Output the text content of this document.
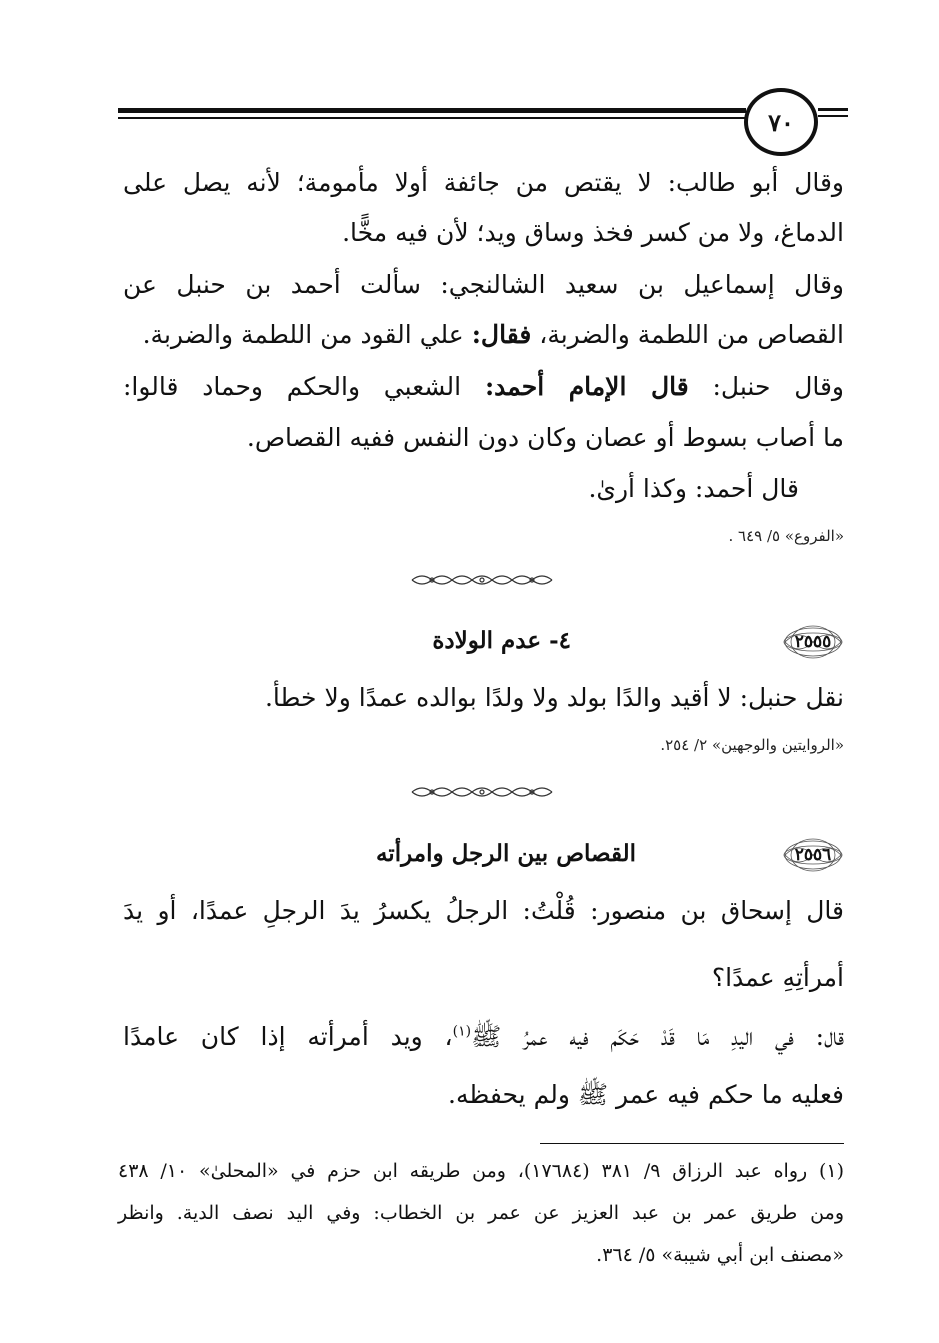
٧٠
وقال أبو طالب: لا يقتص من جائفة أولا مأمومة؛ لأنه يصل على
الدماغ، ولا من كسر فخذ وساق ويد؛ لأن فيه مخًّا.
وقال إسماعيل بن سعيد الشالنجي: سألت أحمد بن حنبل عن
القصاص من اللطمة والضربة، فقال: علي القود من اللطمة والضربة.
وقال حنبل: قال الإمام أحمد: الشعبي والحكم وحماد قالوا:
ما أصاب بسوط أو عصان وكان دون النفس ففيه القصاص.
قال أحمد: وكذا أرىٰ.
«الفروع» ٥/ ٦٤٩ .
٢٥٥٥
٤- عدم الولادة
نقل حنبل: لا أقيد والدًا بولد ولا ولدًا بوالده عمدًا ولا خطأ.
«الروايتين والوجهين» ٢/ ٢٥٤.
٢٥٥٦
القصاص بين الرجل وامرأته
قال إسحاق بن منصور: قُلْتُ: الرجلُ يكسرُ يدَ الرجلِ عمدًا، أو يدَ
أمرأتِهِ عمدًا؟
قال: في اليدِ مَا قَدْ حَكَم فيه عمرُ ﷺ$^{(١)}$، ويد أمرأته إذا كان عامدًا
فعليه ما حكم فيه عمر ﷺ ولم يحفظه.
(١) رواه عبد الرزاق ٩/ ٣٨١ (١٧٦٨٤)، ومن طريقه ابن حزم في «المحلىٰ» ١٠/ ٤٣٨
ومن طريق عمر بن عبد العزيز عن عمر بن الخطاب: وفي اليد نصف الدية. وانظر
«مصنف ابن أبي شيبة» ٥/ ٣٦٤.
